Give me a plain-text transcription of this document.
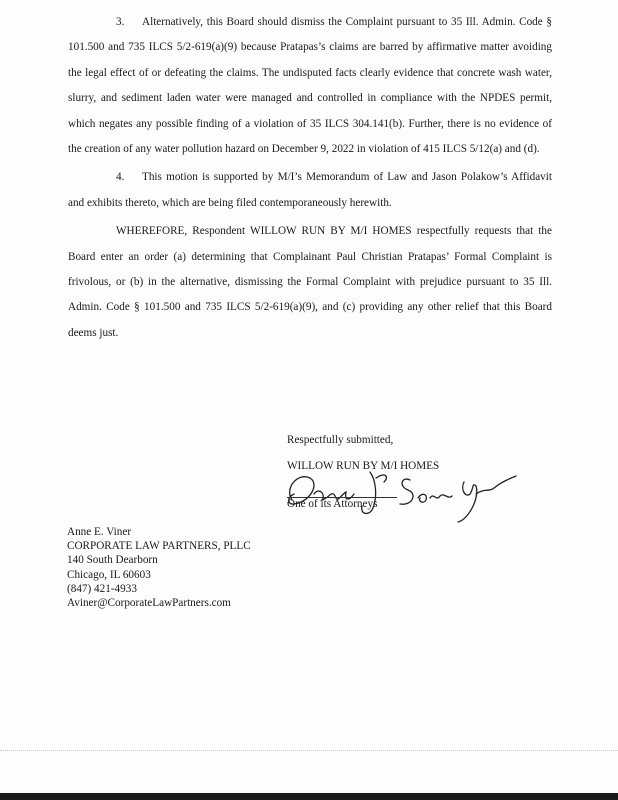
3. Alternatively, this Board should dismiss the Complaint pursuant to 35 Ill. Admin. Code § 101.500 and 735 ILCS 5/2-619(a)(9) because Pratapas’s claims are barred by affirmative matter avoiding the legal effect of or defeating the claims. The undisputed facts clearly evidence that concrete wash water, slurry, and sediment laden water were managed and controlled in compliance with the NPDES permit, which negates any possible finding of a violation of 35 ILCS 304.141(b). Further, there is no evidence of the creation of any water pollution hazard on December 9, 2022 in violation of 415 ILCS 5/12(a) and (d).

4. This motion is supported by M/I’s Memorandum of Law and Jason Polakow’s Affidavit and exhibits thereto, which are being filed contemporaneously herewith.

WHEREFORE, Respondent WILLOW RUN BY M/I HOMES respectfully requests that the Board enter an order (a) determining that Complainant Paul Christian Pratapas’ Formal Complaint is frivolous, or (b) in the alternative, dismissing the Formal Complaint with prejudice pursuant to 35 Ill. Admin. Code § 101.500 and 735 ILCS 5/2-619(a)(9), and (c) providing any other relief that this Board deems just.

Respectfully submitted,
WILLOW RUN BY M/I HOMES
One of its Attorneys
Anne E. Viner
CORPORATE LAW PARTNERS, PLLC
140 South Dearborn
Chicago, IL 60603
(847) 421-4933
Aviner@CorporateLawPartners.com
